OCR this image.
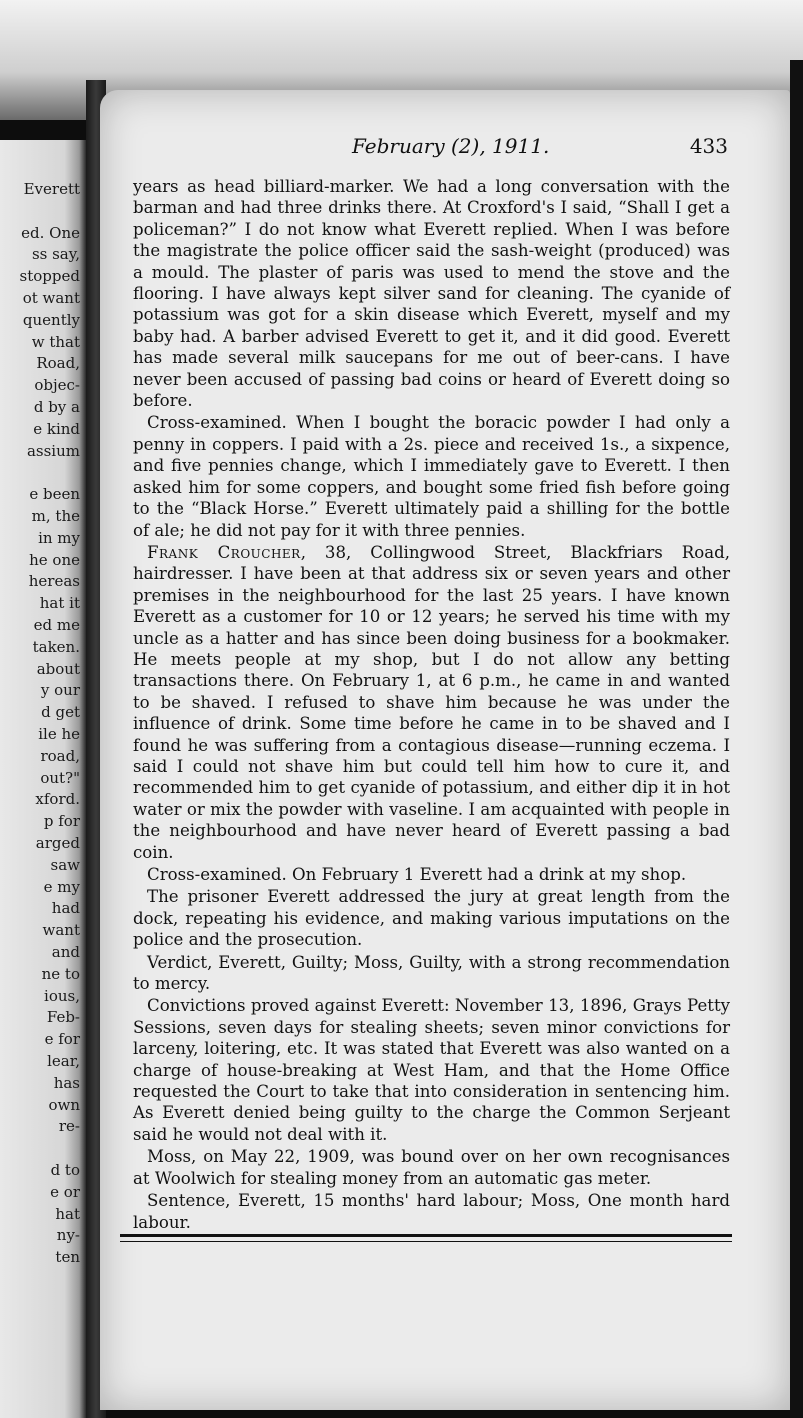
Everett
ed. One
ss say,
stopped
ot want
quently
w that
Road,
objec-
d by a
e kind
assium
e been
m, the
in my
he one
hereas
hat it
ed me
taken.
about
y our
d get
ile he
road,
out?"
xford.
p for
arged
saw
e my
had
want
and
ne to
ious,
Feb-
e for
lear,
has
own
re-
d to
e or
hat
ny-
ten
February (2), 1911.	433

years as head billiard-marker. We had a long conversation with the barman and had three drinks there. At Croxford's I said, “Shall I get a policeman?” I do not know what Everett replied. When I was before the magistrate the police officer said the sash-weight (produced) was a mould. The plaster of paris was used to mend the stove and the flooring. I have always kept silver sand for cleaning. The cyanide of potassium was got for a skin disease which Everett, myself and my baby had. A barber advised Everett to get it, and it did good. Everett has made several milk saucepans for me out of beer-cans. I have never been accused of passing bad coins or heard of Everett doing so before.

Cross-examined. When I bought the boracic powder I had only a penny in coppers. I paid with a 2s. piece and received 1s., a sixpence, and five pennies change, which I immediately gave to Everett. I then asked him for some coppers, and bought some fried fish before going to the “Black Horse.” Everett ultimately paid a shilling for the bottle of ale; he did not pay for it with three pennies.

Frank Croucher, 38, Collingwood Street, Blackfriars Road, hairdresser. I have been at that address six or seven years and other premises in the neighbourhood for the last 25 years. I have known Everett as a customer for 10 or 12 years; he served his time with my uncle as a hatter and has since been doing business for a bookmaker. He meets people at my shop, but I do not allow any betting transactions there. On February 1, at 6 p.m., he came in and wanted to be shaved. I refused to shave him because he was under the influence of drink. Some time before he came in to be shaved and I found he was suffering from a contagious disease—running eczema. I said I could not shave him but could tell him how to cure it, and recommended him to get cyanide of potassium, and either dip it in hot water or mix the powder with vaseline. I am acquainted with people in the neighbourhood and have never heard of Everett passing a bad coin.

Cross-examined. On February 1 Everett had a drink at my shop.

The prisoner Everett addressed the jury at great length from the dock, repeating his evidence, and making various imputations on the police and the prosecution.

Verdict, Everett, Guilty; Moss, Guilty, with a strong recommendation to mercy.

Convictions proved against Everett: November 13, 1896, Grays Petty Sessions, seven days for stealing sheets; seven minor convictions for larceny, loitering, etc. It was stated that Everett was also wanted on a charge of house-breaking at West Ham, and that the Home Office requested the Court to take that into consideration in sentencing him. As Everett denied being guilty to the charge the Common Serjeant said he would not deal with it.

Moss, on May 22, 1909, was bound over on her own recognisances at Woolwich for stealing money from an automatic gas meter.

Sentence, Everett, 15 months' hard labour; Moss, One month hard labour.
